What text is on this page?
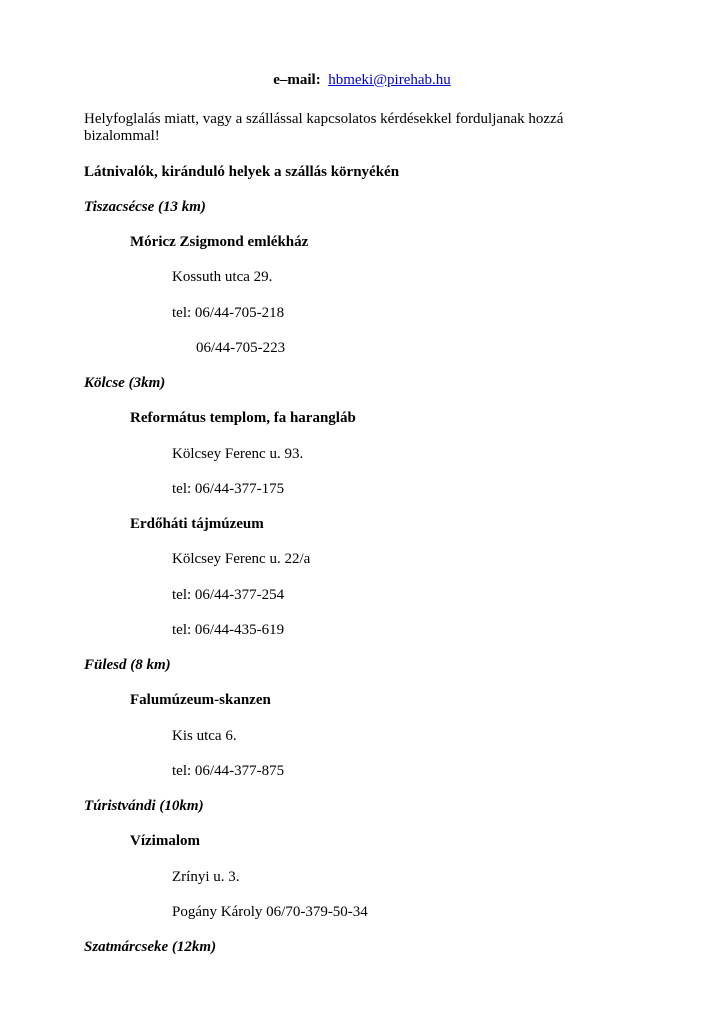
e–mail: hbmeki@pirehab.hu

Helyfoglalás miatt, vagy a szállással kapcsolatos kérdésekkel forduljanak hozzá bizalommal!

Látnivalók, kiránduló helyek a szállás környékén

Tiszacsécse (13 km)

Móricz Zsigmond emlékház

Kossuth utca 29.

tel: 06/44-705-218

06/44-705-223

Kölcse (3km)

Református templom, fa harangláb

Kölcsey Ferenc u. 93.

tel: 06/44-377-175

Erdőháti tájmúzeum

Kölcsey Ferenc u. 22/a

tel: 06/44-377-254

tel: 06/44-435-619

Fülesd (8 km)

Falumúzeum-skanzen

Kis utca 6.

tel: 06/44-377-875

Túristvándi (10km)

Vízimalom

Zrínyi u. 3.

Pogány Károly 06/70-379-50-34

Szatmárcseke (12km)
